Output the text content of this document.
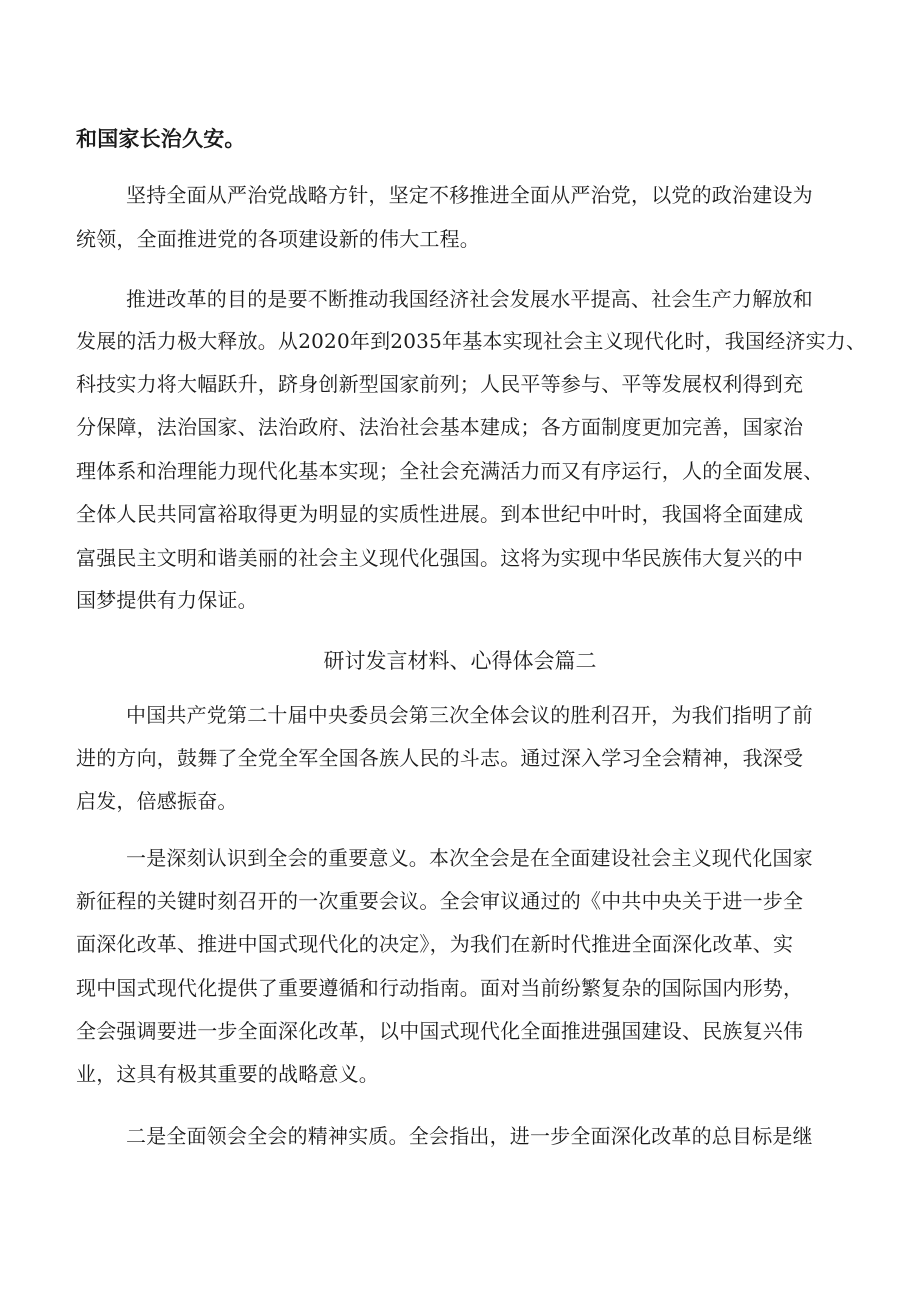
和国家长治久安。
坚持全面从严治党战略方针，坚定不移推进全面从严治党，以党的政治建设为
统领，全面推进党的各项建设新的伟大工程。
推进改革的目的是要不断推动我国经济社会发展水平提高、社会生产力解放和
发展的活力极大释放。从2020年到2035年基本实现社会主义现代化时，我国经济实力、
科技实力将大幅跃升，跻身创新型国家前列；人民平等参与、平等发展权利得到充
分保障，法治国家、法治政府、法治社会基本建成；各方面制度更加完善，国家治
理体系和治理能力现代化基本实现；全社会充满活力而又有序运行，人的全面发展、
全体人民共同富裕取得更为明显的实质性进展。到本世纪中叶时，我国将全面建成
富强民主文明和谐美丽的社会主义现代化强国。这将为实现中华民族伟大复兴的中
国梦提供有力保证。
研讨发言材料、心得体会篇二
中国共产党第二十届中央委员会第三次全体会议的胜利召开，为我们指明了前
进的方向，鼓舞了全党全军全国各族人民的斗志。通过深入学习全会精神，我深受
启发，倍感振奋。
一是深刻认识到全会的重要意义。本次全会是在全面建设社会主义现代化国家
新征程的关键时刻召开的一次重要会议。全会审议通过的《中共中央关于进一步全
面深化改革、推进中国式现代化的决定》，为我们在新时代推进全面深化改革、实
现中国式现代化提供了重要遵循和行动指南。面对当前纷繁复杂的国际国内形势，
全会强调要进一步全面深化改革，以中国式现代化全面推进强国建设、民族复兴伟
业，这具有极其重要的战略意义。
二是全面领会全会的精神实质。全会指出，进一步全面深化改革的总目标是继
